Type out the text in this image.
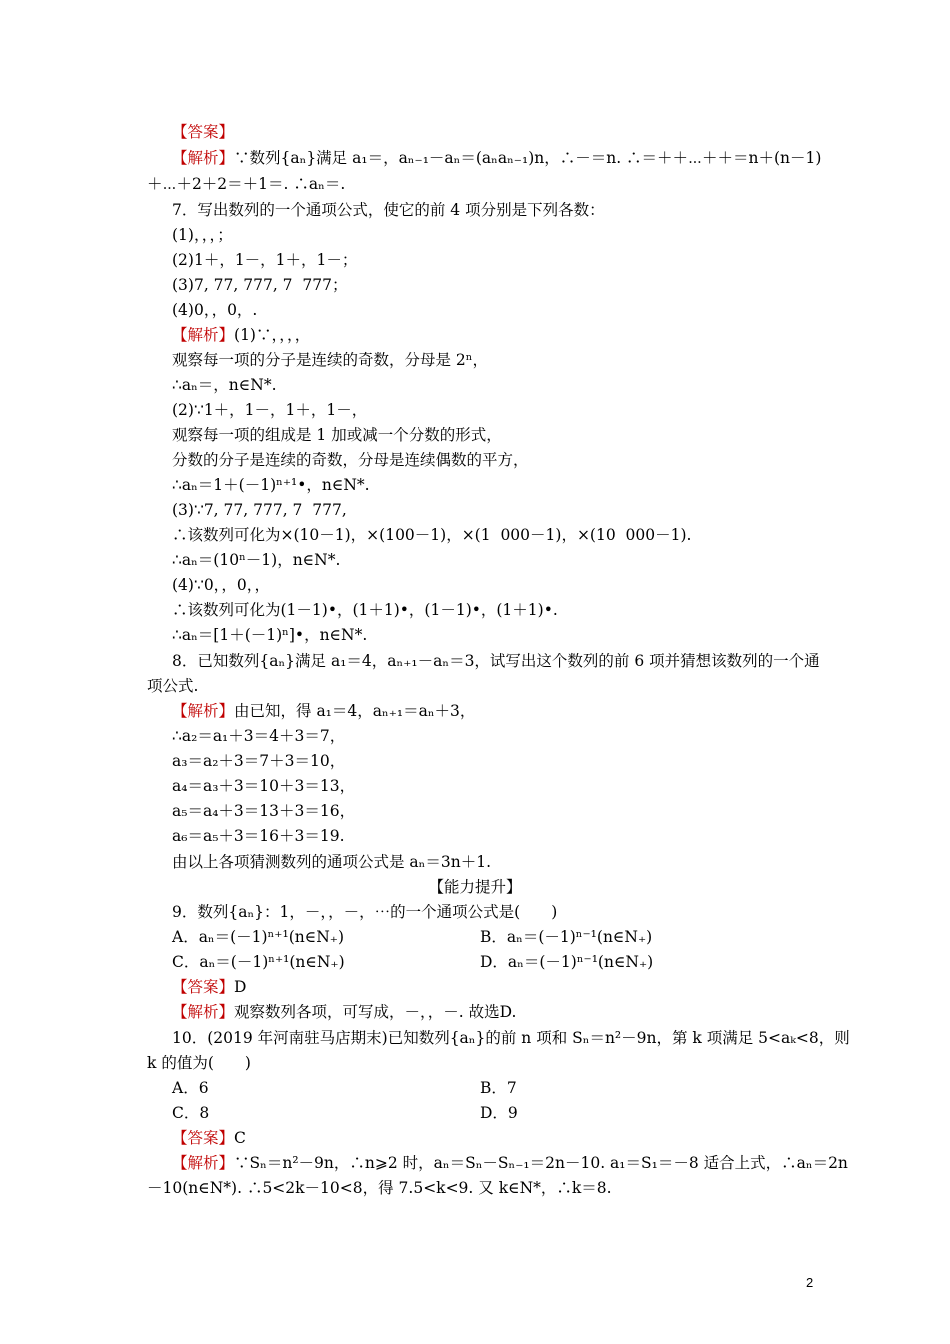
【答案】
【解析】∵数列{aₙ}满足 a₁＝，aₙ₋₁－aₙ＝(aₙaₙ₋₁)n，∴－＝n. ∴＝＋＋⋯＋＋＝n＋(n－1)
＋⋯＋2＋2＝＋1＝. ∴aₙ＝.
7．写出数列的一个通项公式，使它的前 4 项分别是下列各数：
(1)，，，；
(2)1＋，1－，1＋，1－；
(3)7, 77, 777, 7  777；
(4)0，，0，.
【解析】(1)∵，，，，
观察每一项的分子是连续的奇数，分母是 2ⁿ，
∴aₙ＝，n∈N*.
(2)∵1＋，1－，1＋，1－，
观察每一项的组成是 1 加或减一个分数的形式，
分数的分子是连续的奇数，分母是连续偶数的平方，
∴aₙ＝1＋(－1)ⁿ⁺¹•，n∈N*.
(3)∵7, 77, 777, 7  777,
∴该数列可化为×(10－1)，×(100－1)，×(1  000－1)，×(10  000－1).
∴aₙ＝(10ⁿ－1)，n∈N*.
(4)∵0，，0，，
∴该数列可化为(1－1)•，(1＋1)•，(1－1)•，(1＋1)•.
∴aₙ＝[1＋(－1)ⁿ]•，n∈N*.
8．已知数列{aₙ}满足 a₁＝4，aₙ₊₁－aₙ＝3，试写出这个数列的前 6 项并猜想该数列的一个通
项公式.
【解析】由已知，得 a₁＝4，aₙ₊₁＝aₙ＋3，
∴a₂＝a₁＋3＝4＋3＝7，
a₃＝a₂＋3＝7＋3＝10，
a₄＝a₃＋3＝10＋3＝13，
a₅＝a₄＋3＝13＋3＝16，
a₆＝a₅＋3＝16＋3＝19.
由以上各项猜测数列的通项公式是 aₙ＝3n＋1.
【能力提升】
9．数列{aₙ}：1，－，，－，⋯的一个通项公式是(　　)
A．aₙ＝(－1)ⁿ⁺¹(n∈N₊)	B．aₙ＝(－1)ⁿ⁻¹(n∈N₊)
C．aₙ＝(－1)ⁿ⁺¹(n∈N₊)	D．aₙ＝(－1)ⁿ⁻¹(n∈N₊)
【答案】D
【解析】观察数列各项，可写成，－，，－. 故选D.
10．(2019 年河南驻马店期末)已知数列{aₙ}的前 n 项和 Sₙ＝n²－9n，第 k 项满足 5<aₖ<8，则
k 的值为(　　)
A．6	B．7
C．8	D．9
【答案】C
【解析】∵Sₙ＝n²－9n，∴n⩾2 时，aₙ＝Sₙ－Sₙ₋₁＝2n－10. a₁＝S₁＝－8 适合上式，∴aₙ＝2n
－10(n∈N*). ∴5<2k－10<8，得 7.5<k<9. 又 k∈N*，∴k＝8.
2
